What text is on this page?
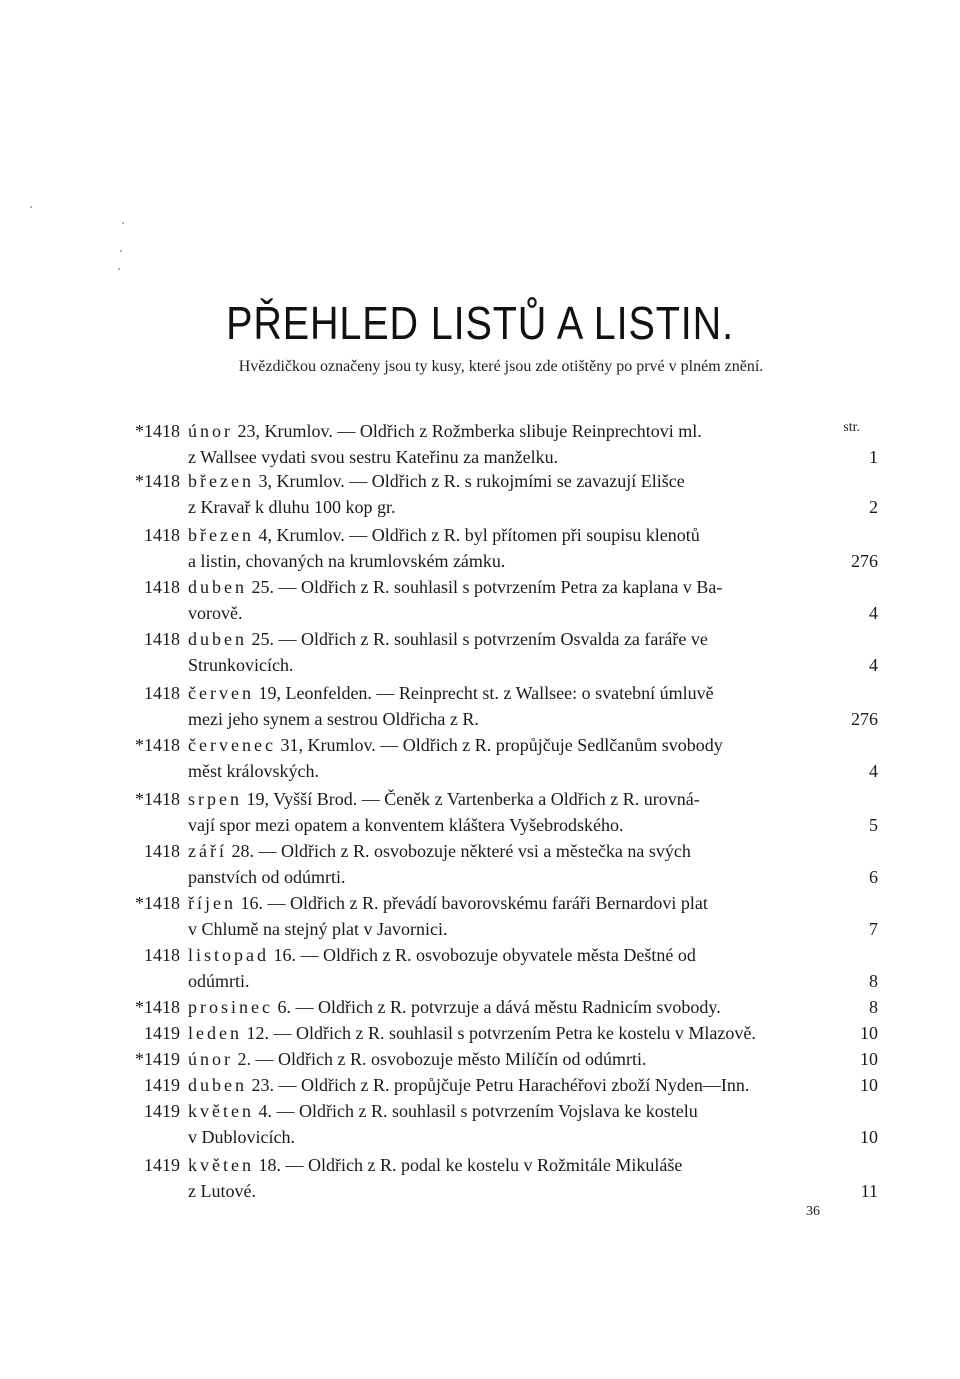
PŘEHLED LISTŮ A LISTIN.
Hvězdičkou označeny jsou ty kusy, které jsou zde otištěny po prvé v plném znění.
str.
*1418 únor 23, Krumlov. — Oldřich z Rožmberka slibuje Reinprechtovi ml.
z Wallsee vydati svou sestru Kateřinu za manželku.	1
*1418 březen 3, Krumlov. — Oldřich z R. s rukojmími se zavazují Elišce
z Kravař k dluhu 100 kop gr.	2
1418 březen 4, Krumlov. — Oldřich z R. byl přítomen při soupisu klenotů
a listin, chovaných na krumlovském zámku.	276
1418 duben 25. — Oldřich z R. souhlasil s potvrzením Petra za kaplana v Ba-
vorově.	4
1418 duben 25. — Oldřich z R. souhlasil s potvrzením Osvalda za faráře ve
Strunkovicích.	4
1418 červen 19, Leonfelden. — Reinprecht st. z Wallsee: o svatební úmluvě
mezi jeho synem a sestrou Oldřicha z R.	276
*1418 červenec 31, Krumlov. — Oldřich z R. propůjčuje Sedlčanům svobody
měst královských.	4
*1418 srpen 19, Vyšší Brod. — Čeněk z Vartenberka a Oldřich z R. urovná-
vají spor mezi opatem a konventem kláštera Vyšebrodského.	5
1418 září 28. — Oldřich z R. osvobozuje některé vsi a městečka na svých
panstvích od odúmrti.	6
*1418 říjen 16. — Oldřich z R. převádí bavorovskému faráři Bernardovi plat
v Chlumě na stejný plat v Javornici.	7
1418 listopad 16. — Oldřich z R. osvobozuje obyvatele města Deštné od
odúmrti.	8
*1418 prosinec 6. — Oldřich z R. potvrzuje a dává městu Radnicím svobody.	8
1419 leden 12. — Oldřich z R. souhlasil s potvrzením Petra ke kostelu v Mlazově.	10
*1419 únor 2. — Oldřich z R. osvobozuje město Milíčín od odúmrti.	10
1419 duben 23. — Oldřich z R. propůjčuje Petru Harachéřovi zboží Nyden—Inn.	10
1419 květen 4. — Oldřich z R. souhlasil s potvrzením Vojslava ke kostelu
v Dublovicích.	10
1419 květen 18. — Oldřich z R. podal ke kostelu v Rožmitále Mikuláše
z Lutové.	11
36
